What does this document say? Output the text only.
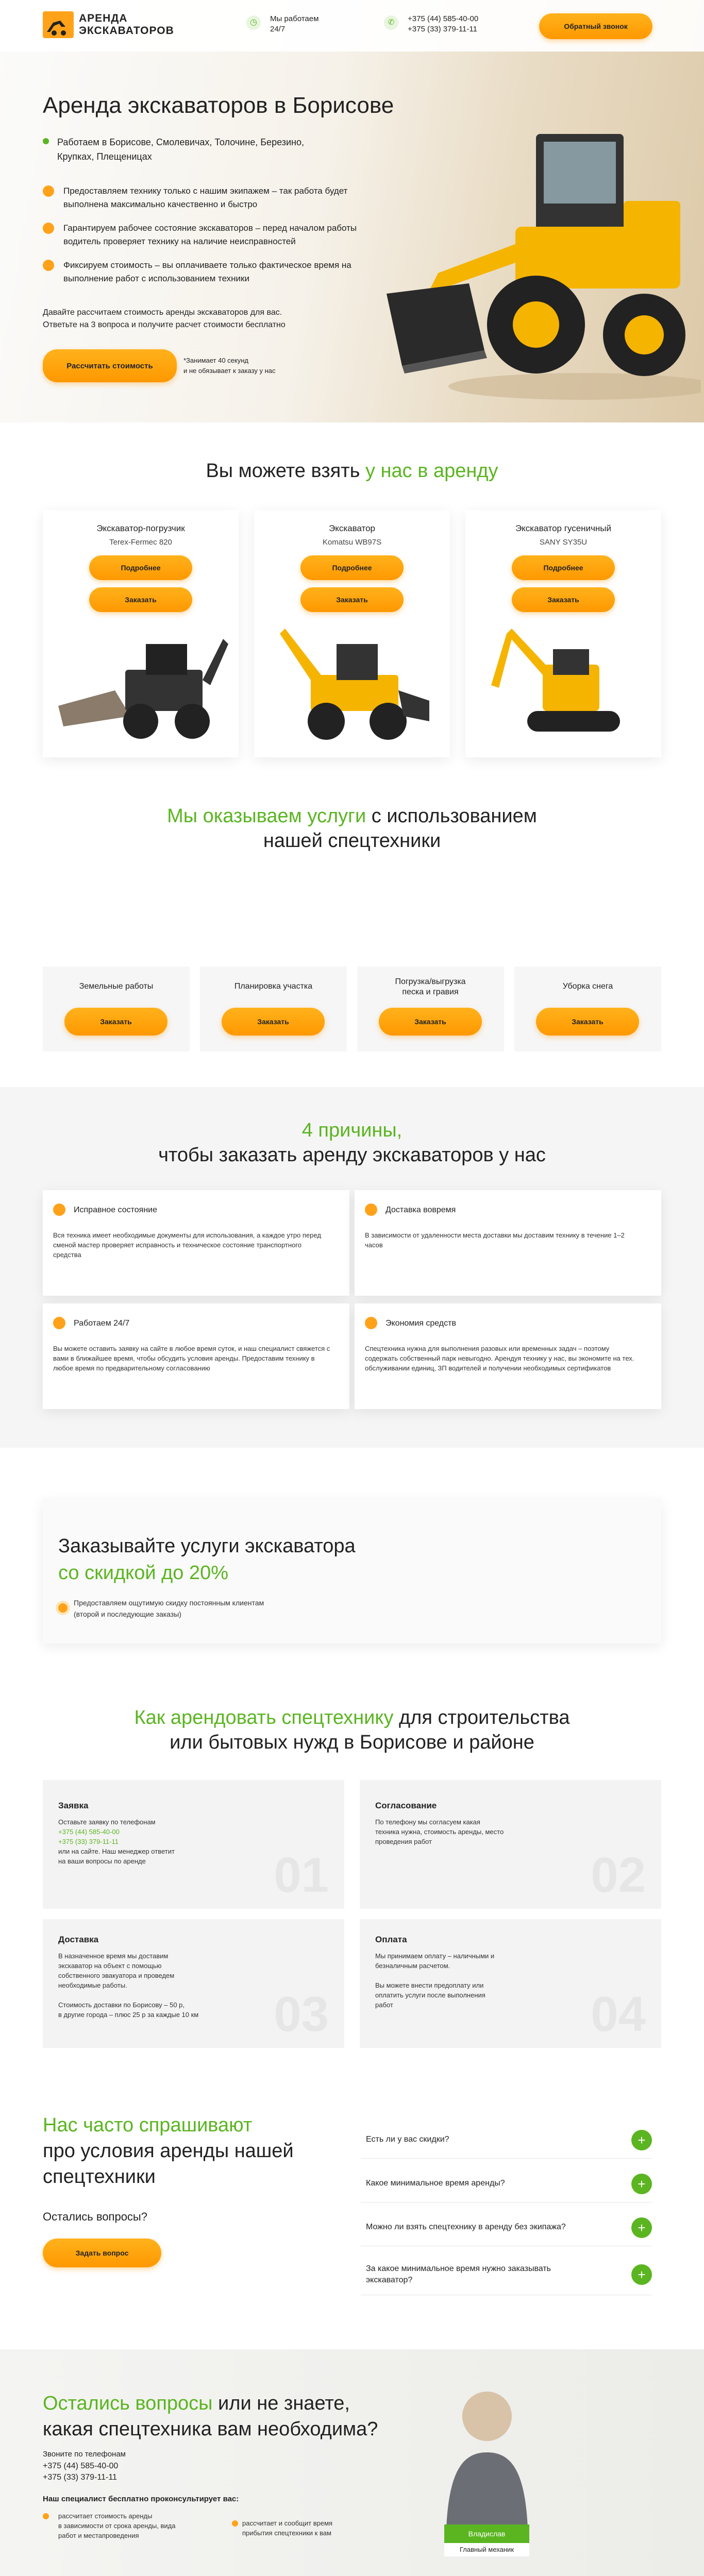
АРЕНДА
ЭКСКАВАТОРОВ
◷	Мы работаем
24/7
✆	+375 (44) 585-40-00
+375 (33) 379-11-11	Обратный звонок
Аренда экскаваторов в Борисове
Работаем в Борисове, Смолевичах, Толочине, Березино, Крупках, Плещеницах
Предоставляем технику только с нашим экипажем – так работа будет выполнена максимально качественно и быстро
Гарантируем рабочее состояние экскаваторов – перед началом работы водитель проверяет технику на наличие неисправностей
Фиксируем стоимость – вы оплачиваете только фактическое время на выполнение работ с использованием техники
Давайте рассчитаем стоимость аренды экскаваторов для вас.
Ответьте на 3 вопроса и получите расчет стоимости бесплатно
Рассчитать стоимость
*Занимает 40 секунд
и не обязывает к заказу у нас
Вы можете взять у нас в аренду
Экскаватор-погрузчик
Terex-Fermec 820
Подробнее
Заказать
Экскаватор
Komatsu WB97S
Подробнее
Заказать
Экскаватор гусеничный
SANY SY35U
Подробнее
Заказать
Мы оказываем услуги с использованием
нашей спецтехники
Земельные работы
Заказать
Планировка участка
Заказать
Погрузка/выгрузка песка и гравия
Заказать
Уборка снега
Заказать
4 причины,
чтобы заказать аренду экскаваторов у нас
Исправное состояние
Вся техника имеет необходимые документы для использования, а каждое утро перед сменой мастер проверяет исправность и техническое состояние транспортного средства
Доставка вовремя
В зависимости от удаленности места доставки мы доставим технику в течение 1–2 часов
Работаем 24/7
Вы можете оставить заявку на сайте в любое время суток, и наш специалист свяжется с вами в ближайшее время, чтобы обсудить условия аренды. Предоставим технику в любое время по предварительному согласованию
Экономия средств
Спецтехника нужна для выполнения разовых или временных задач – поэтому содержать собственный парк невыгодно. Арендуя технику у нас, вы экономите на тех. обслуживании единиц, ЗП водителей и получении необходимых сертификатов
Заказывайте услуги экскаватора
со скидкой до 20%
Предоставляем ощутимую скидку постоянным клиентам (второй и последующие заказы)
Как арендовать спецтехнику для строительства
или бытовых нужд в Борисове и районе
01
Заявка
Оставьте заявку по телефонам
+375 (44) 585-40-00
+375 (33) 379-11-11
или на сайте. Наш менеджер ответит
на ваши вопросы по аренде	02
Согласование
По телефону мы согласуем какая
техника нужна, стоимость аренды, место
проведения работ
03
Доставка
В назначенное время мы доставим
экскаватор на объект с помощью
собственного эвакуатора и проведем
необходимые работы.
Стоимость доставки по Борисову – 50 р,
в другие города – плюс 25 р за каждые 10 км	04
Оплата
Мы принимаем оплату – наличными и
безналичным расчетом.
Вы можете внести предоплату или
оплатить услуги после выполнения
работ
Нас часто спрашивают
про условия аренды нашей
спецтехники
Остались вопросы?
Задать вопрос
Есть ли у вас скидки?	+
Какое минимальное время аренды?	+
Можно ли взять спецтехнику в аренду без экипажа?	+
За какое минимальное время нужно заказывать экскаватор?	+
Остались вопросы или не знаете,
какая спецтехника вам необходима?
Звоните по телефонам
+375 (44) 585-40-00
+375 (33) 379-11-11
Наш специалист бесплатно проконсультирует вас:
рассчитает стоимость аренды
в зависимости от срока аренды, вида
работ и местапроведения
рассчитает и сообщит время
прибытия спецтехники к вам	Владислав
Главный механик
